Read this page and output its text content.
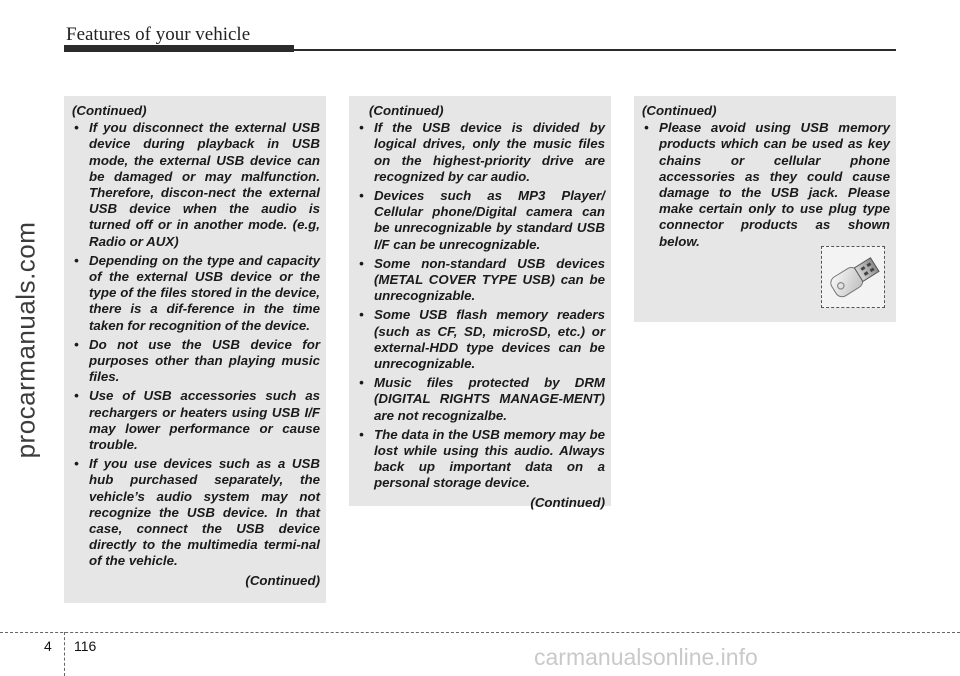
Features of your vehicle
procarmanuals.com
(Continued)
• If you disconnect the external USB device during playback in USB mode, the external USB device can be damaged or may malfunction. Therefore, discon-nect the external USB device when the audio is turned off or in another mode. (e.g, Radio or AUX)
• Depending on the type and capacity of the external USB device or the type of the files stored in the device, there is a dif-ference in the time taken for recognition of the device.
• Do not use the USB device for purposes other than playing music files.
• Use of USB accessories such as rechargers or heaters using USB I/F may lower performance or cause trouble.
• If you use devices such as a USB hub purchased separately, the vehicle’s audio system may not recognize the USB device. In that case, connect the USB device directly to the multimedia termi-nal of the vehicle.
(Continued)
(Continued)
• If the USB device is divided by logical drives, only the music files on the highest-priority drive are recognized by car audio.
• Devices such as MP3 Player/ Cellular phone/Digital camera can be unrecognizable by standard USB I/F can be unrecognizable.
• Some non-standard USB devices (METAL COVER TYPE USB) can be unrecognizable.
• Some USB flash memory readers (such as CF, SD, microSD, etc.) or external-HDD type devices can be unrecognizable.
• Music files protected by DRM (DIGITAL RIGHTS MANAGE-MENT) are not recognizalbe.
• The data in the USB memory may be lost while using this audio. Always back up important data on a personal storage device.
(Continued)
(Continued)
• Please avoid using USB memory products which can be used as key chains or cellular phone accessories as they could cause damage to the USB jack. Please make certain only to use plug type connector products as shown below.
4 116	carmanualsonline.info
